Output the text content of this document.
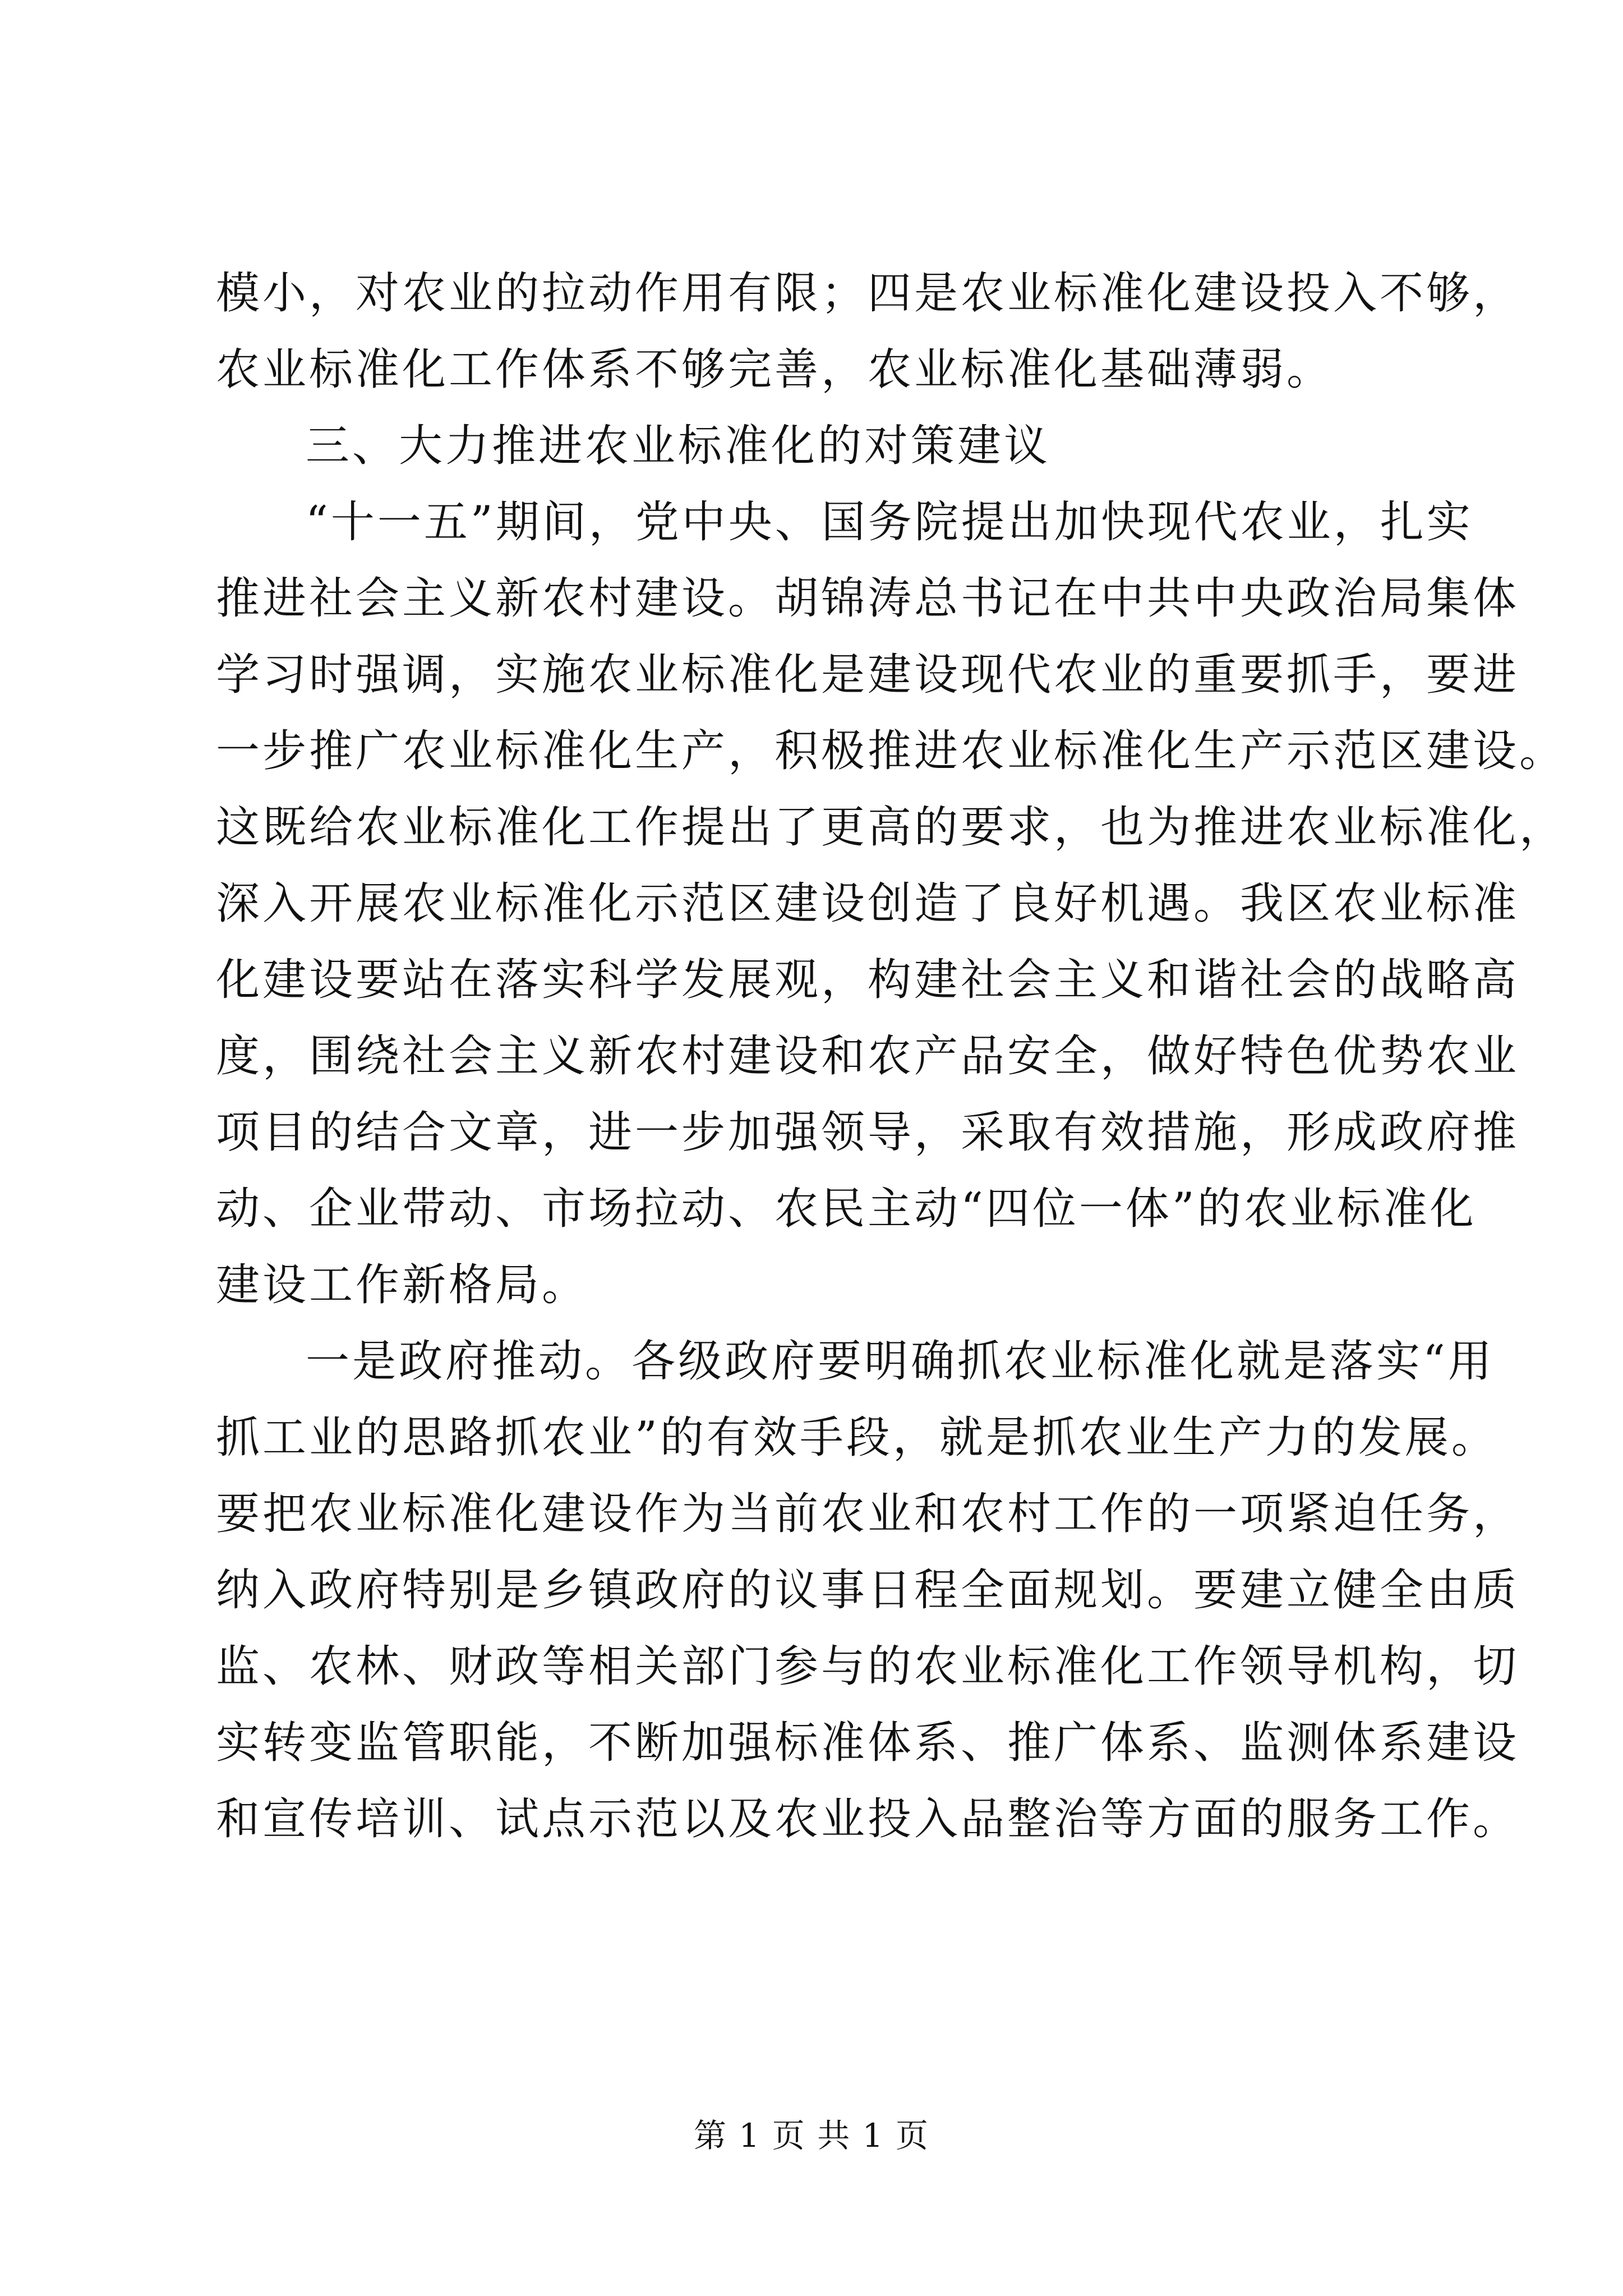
模小，对农业的拉动作用有限；四是农业标准化建设投入不够，
农业标准化工作体系不够完善，农业标准化基础薄弱。

三、大力推进农业标准化的对策建议

“十一五”期间，党中央、国务院提出加快现代农业，扎实
推进社会主义新农村建设。胡锦涛总书记在中共中央政治局集体
学习时强调，实施农业标准化是建设现代农业的重要抓手，要进
一步推广农业标准化生产，积极推进农业标准化生产示范区建设。
这既给农业标准化工作提出了更高的要求，也为推进农业标准化，
深入开展农业标准化示范区建设创造了良好机遇。我区农业标准
化建设要站在落实科学发展观，构建社会主义和谐社会的战略高
度，围绕社会主义新农村建设和农产品安全，做好特色优势农业
项目的结合文章，进一步加强领导，采取有效措施，形成政府推
动、企业带动、市场拉动、农民主动“四位一体”的农业标准化
建设工作新格局。

一是政府推动。各级政府要明确抓农业标准化就是落实“用
抓工业的思路抓农业”的有效手段，就是抓农业生产力的发展。
要把农业标准化建设作为当前农业和农村工作的一项紧迫任务，
纳入政府特别是乡镇政府的议事日程全面规划。要建立健全由质
监、农林、财政等相关部门参与的农业标准化工作领导机构，切
实转变监管职能，不断加强标准体系、推广体系、监测体系建设
和宣传培训、试点示范以及农业投入品整治等方面的服务工作。

第 1 页 共 1 页
